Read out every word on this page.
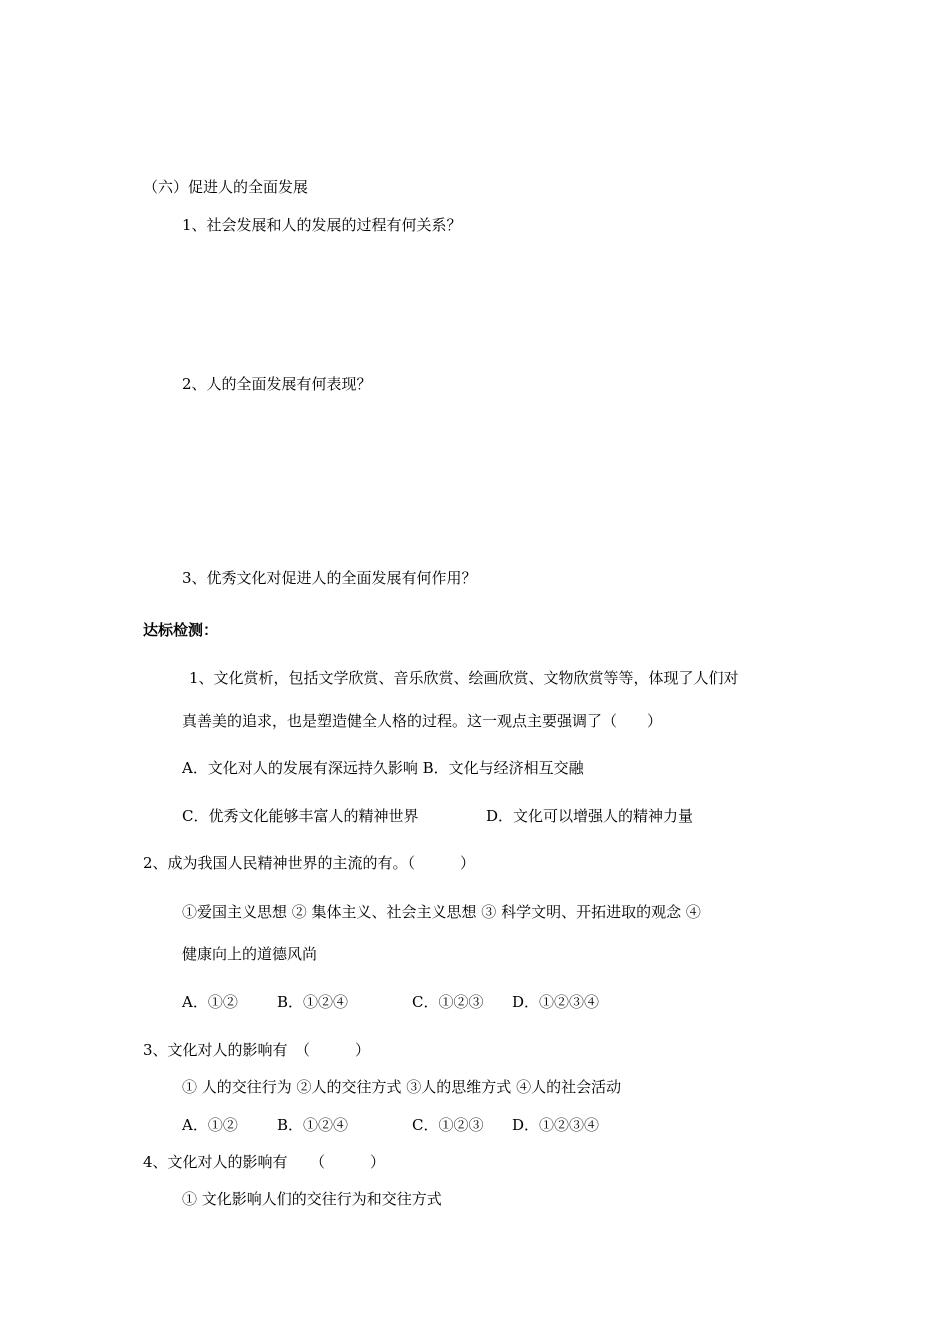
（六）促进人的全面发展
1、社会发展和人的发展的过程有何关系？
2、人的全面发展有何表现？
3、优秀文化对促进人的全面发展有何作用？
达标检测：
1、文化赏析，包括文学欣赏、音乐欣赏、绘画欣赏、文物欣赏等等，体现了人们对
真善美的追求，也是塑造健全人格的过程。这一观点主要强调了（　　）
A．文化对人的发展有深远持久影响 B．文化与经济相互交融
C．优秀文化能够丰富人的精神世界	D．文化可以增强人的精神力量
2、成为我国人民精神世界的主流的有。（　　　）
①爱国主义思想 ② 集体主义、社会主义思想 ③ 科学文明、开拓进取的观念 ④
健康向上的道德风尚
A．①②	B．①②④	C．①②③ D．①②③④
3、文化对人的影响有　（　　　）
① 人的交往行为 ②人的交往方式 ③人的思维方式 ④人的社会活动
A．①②	B．①②④	C．①②③ D．①②③④
4、文化对人的影响有　　（　　　）
① 文化影响人们的交往行为和交往方式
